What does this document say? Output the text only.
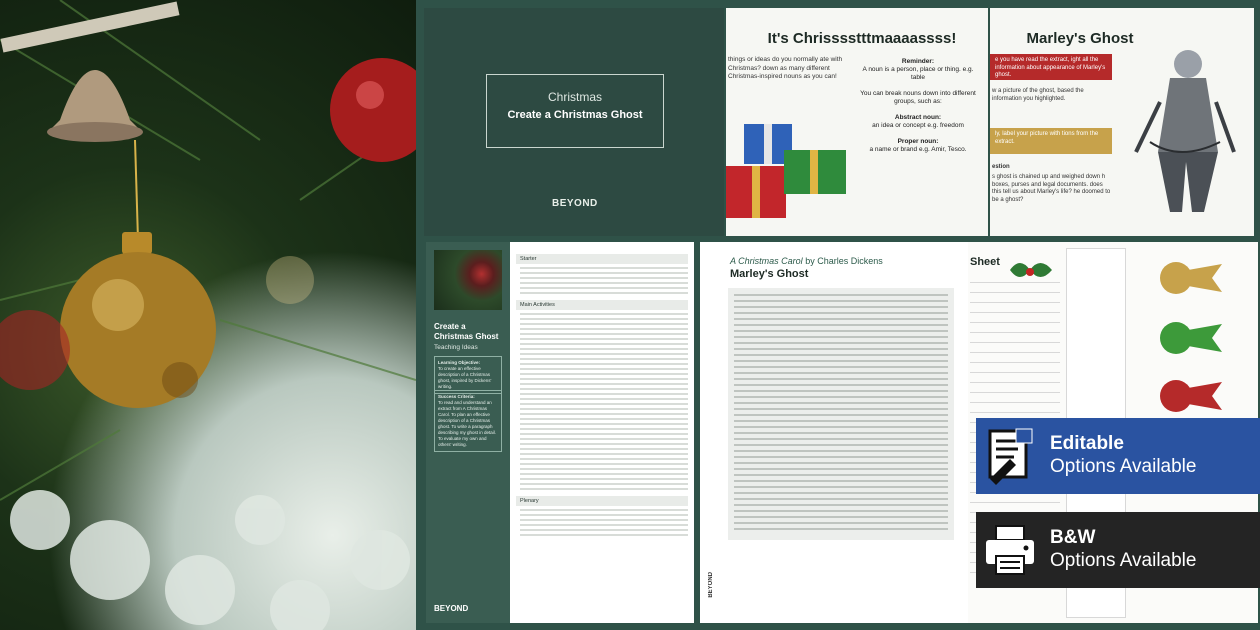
Christmas
Create a Christmas Ghost
BEYOND
It's Chrisssstttmaaaassss!
things or ideas do you normally ate with Christmas? down as many different Christmas-inspired nouns as you can!
Reminder:
A noun is a person, place or thing. e.g. table
You can break nouns down into different groups, such as:
Abstract noun:
an idea or concept e.g. freedom
Proper noun:
a name or brand e.g. Amir, Tesco.
Marley's Ghost
e you have read the extract, ight all the information about appearance of Marley's ghost.
w a picture of the ghost, based the information you highlighted.
ly, label your picture with tions from the extract.
estion
s ghost is chained up and weighed down h boxes, purses and legal documents. does this tell us about Marley's life? he doomed to be a ghost?
Create a Christmas Ghost
Teaching Ideas
Learning Objective:
To create an effective description of a Christmas ghost, inspired by Dickens' writing.
Success Criteria:
To read and understand an extract from A Christmas Carol. To plan an effective description of a Christmas ghost. To write a paragraph describing my ghost in detail. To evaluate my own and others' writing.
BEYOND
Starter
Main Activities
Plenary
A Christmas Carol by Charles Dickens
Marley's Ghost
BEYOND
Sheet
Editable
Options Available
B&W
Options Available
